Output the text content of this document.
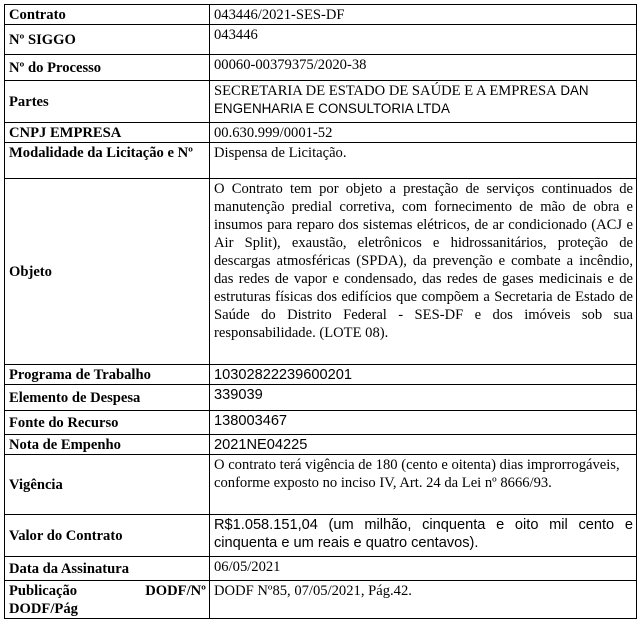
Contrato	043446/2021-SES-DF
Nº SIGGO	043446
Nº do Processo	00060-00379375/2020-38
Partes	SECRETARIA DE ESTADO DE SAÚDE E A EMPRESA DAN ENGENHARIA E CONSULTORIA LTDA
CNPJ EMPRESA	00.630.999/0001-52
Modalidade da Licitação e Nº	Dispensa de Licitação.
Objeto	O Contrato tem por objeto a prestação de serviços continuados de manutenção predial corretiva, com fornecimento de mão de obra e insumos para reparo dos sistemas elétricos, de ar condicionado (ACJ e Air Split), exaustão, eletrônicos e hidrossanitários, proteção de descargas atmosféricas (SPDA), da prevenção e combate a incêndio, das redes de vapor e condensado, das redes de gases medicinais e de estruturas físicas dos edifícios que compõem a Secretaria de Estado de Saúde do Distrito Federal - SES-DF e dos imóveis sob sua responsabilidade. (LOTE 08).
Programa de Trabalho	10302822239600201
Elemento de Despesa	339039
Fonte do Recurso	138003467
Nota de Empenho	2021NE04225
Vigência	O contrato terá vigência de 180 (cento e oitenta) dias improrrogáveis, conforme exposto no inciso IV, Art. 24 da Lei nº 8666/93.
Valor do Contrato	R$1.058.151,04 (um milhão, cinquenta e oito mil cento e cinquenta e um reais e quatro centavos).
Data da Assinatura	06/05/2021

Publicação DODF/Nº
DODF/Pág	DODF Nº85, 07/05/2021, Pág.42.
